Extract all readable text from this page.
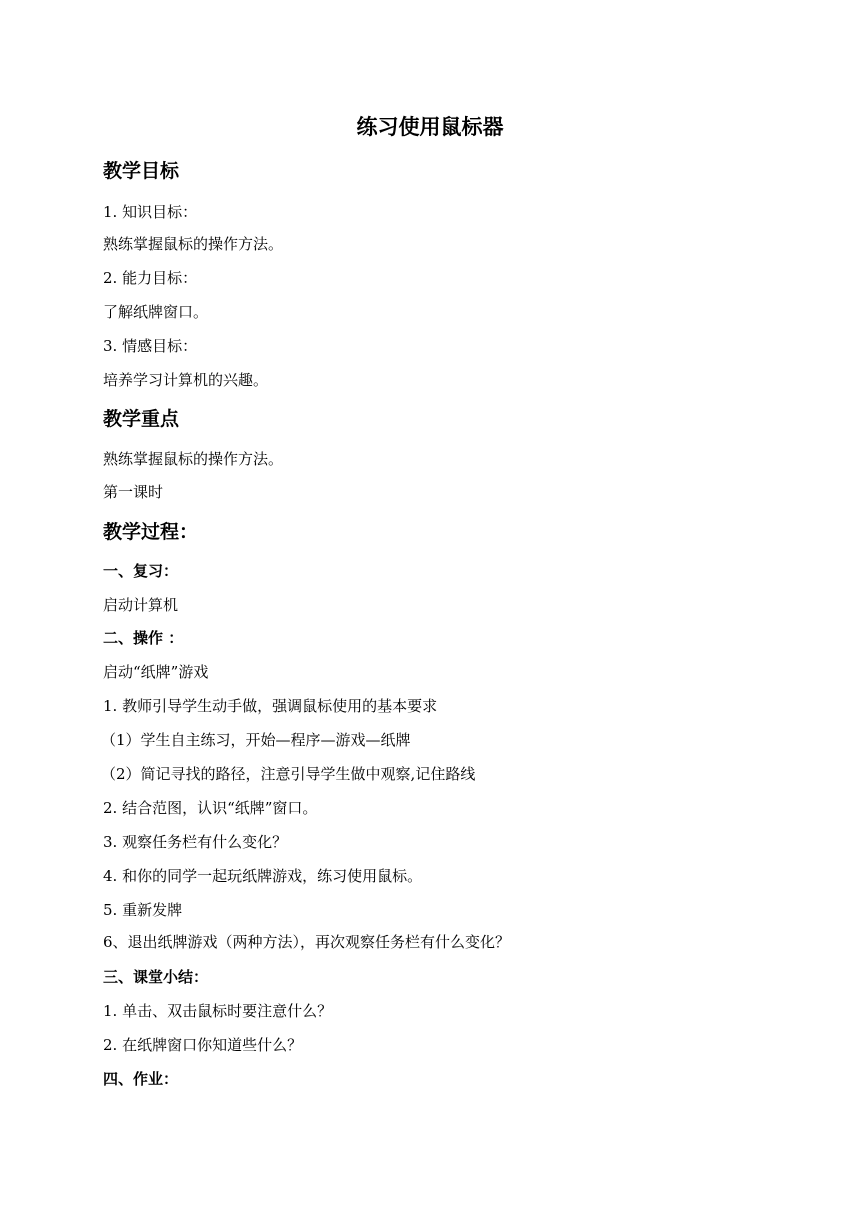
练习使用鼠标器
教学目标
1. 知识目标：
熟练掌握鼠标的操作方法。
2. 能力目标：
了解纸牌窗口。
3. 情感目标：
培养学习计算机的兴趣。
教学重点
熟练掌握鼠标的操作方法。
第一课时
教学过程：
一、复习：
启动计算机
二、操作 ：
启动“纸牌”游戏
1. 教师引导学生动手做，强调鼠标使用的基本要求
（1）学生自主练习，开始—程序—游戏—纸牌
（2）简记寻找的路径，注意引导学生做中观察,记住路线
2. 结合范图，认识“纸牌”窗口。
3. 观察任务栏有什么变化？
4. 和你的同学一起玩纸牌游戏，练习使用鼠标。
5. 重新发牌
6、退出纸牌游戏（两种方法），再次观察任务栏有什么变化？
三、课堂小结：
1. 单击、双击鼠标时要注意什么？
2. 在纸牌窗口你知道些什么？
四、作业：
